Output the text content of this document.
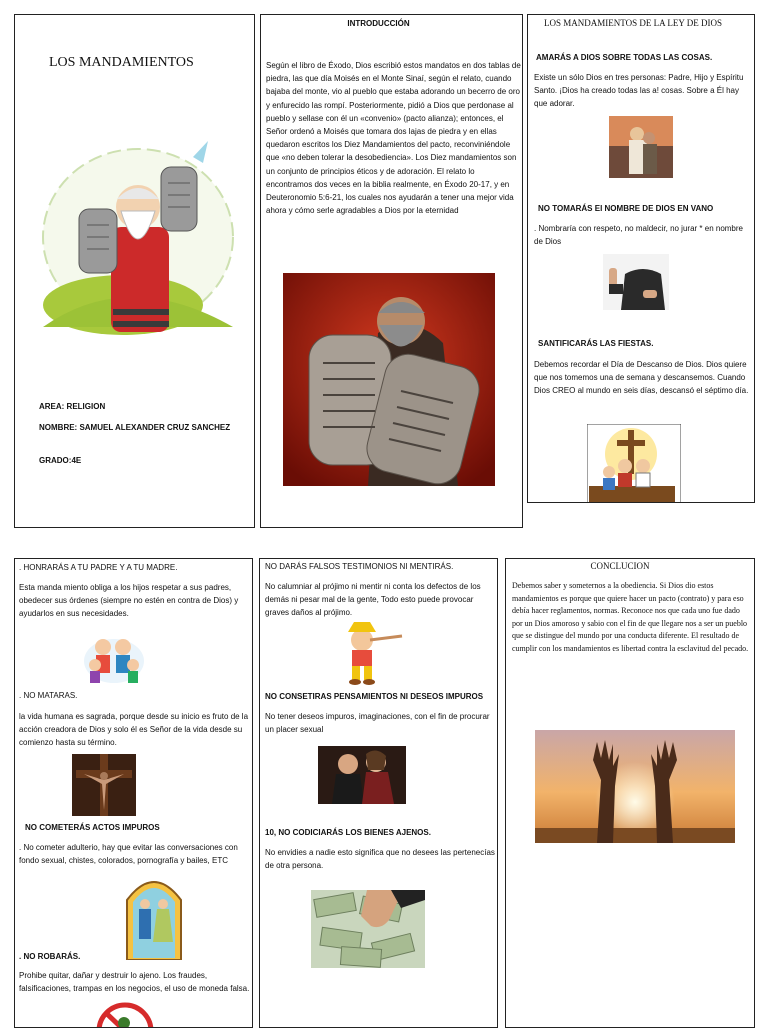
LOS MANDAMIENTOS
AREA: RELIGION
NOMBRE: SAMUEL ALEXANDER CRUZ SANCHEZ
GRADO:4E
INTRODUCCIÓN
Según el libro de Éxodo, Dios escribió estos mandatos en dos tablas de piedra, las que día Moisés en el Monte Sinaí, según el relato, cuando bajaba del monte, vio al pueblo que estaba adorando un becerro de oro y enfurecido las rompí. Posteriormente, pidió a Dios que perdonase al pueblo y sellase con él un «convenio» (pacto alianza); entonces, el Señor ordenó a Moisés que tomara dos lajas de piedra y en ellas quedaron escritos los Diez Mandamientos del pacto, reconviniéndole que «no deben tolerar la desobediencia». Los Diez mandamientos son un conjunto de principios éticos y de adoración. El relato lo encontramos dos veces en la biblia realmente, en Éxodo 20-17, y en Deuteronomio 5:6-21, los cuales nos ayudarán a tener una mejor vida ahora y cómo serle agradables a Dios por la eternidad
LOS MANDAMIENTOS DE LA LEY DE DIOS
AMARÁS A DIOS SOBRE TODAS LAS COSAS.
Existe un sólo Dios en tres personas: Padre, Hijo y Espíritu Santo. ¡Dios ha creado todas las a! cosas. Sobre a Él hay que adorar.
NO TOMARÁS El NOMBRE DE DIOS EN VANO
. Nombraría con respeto, no maldecir, no jurar * en nombre de Dios
SANTIFICARÁS LAS FIESTAS.
Debemos recordar el Día de Descanso de Dios. Dios quiere que nos tomemos una de semana y descansemos. Cuando Dios CREO al mundo en seis días, descansó el séptimo día.
. HONRARÁS A TU PADRE Y A TU MADRE.
Esta manda miento obliga a los hijos respetar a sus padres, obedecer sus órdenes (siempre no estén en contra de Dios) y ayudarlos en sus necesidades.
. NO MATARAS.
la vida humana es sagrada, porque desde su inicio es fruto de la acción creadora de Dios y solo él es Señor de la vida desde su comienzo hasta su término.
NO COMETERÁS ACTOS IMPUROS
. No cometer adulterio, hay que evitar las conversaciones con fondo sexual, chistes, colorados, pornografía y bailes, ETC
. NO ROBARÁS.
Prohibe quitar, dañar y destruir lo ajeno. Los fraudes, falsificaciones, trampas en los negocios, el uso de moneda falsa.
NO DARÁS FALSOS TESTIMONIOS NI MENTIRÁS.
No calumniar al prójimo ni mentir ni conta los defectos de los demás ni pesar mal de la gente, Todo esto puede provocar graves daños al prójimo.
NO CONSETIRAS PENSAMIENTOS NI DESEOS IMPUROS
No tener deseos impuros, imaginaciones, con el fin de procurar un placer sexual
10, NO CODICIARÁS LOS BIENES AJENOS.
No envidies a nadie esto significa que no desees las pertenecías de otra persona.
CONCLUCION
Debemos saber y someternos a la obediencia. Si Dios dio estos mandamientos es porque que quiere hacer un pacto (contrato) y para eso debía hacer reglamentos, normas. Reconoce nos que cada uno fue dado por un Dios amoroso y sabio con el fin de que llegare nos a ser un pueblo que se distingue del mundo por una conducta diferente. El resultado de cumplir con los mandamientos es libertad contra la esclavitud del pecado.
